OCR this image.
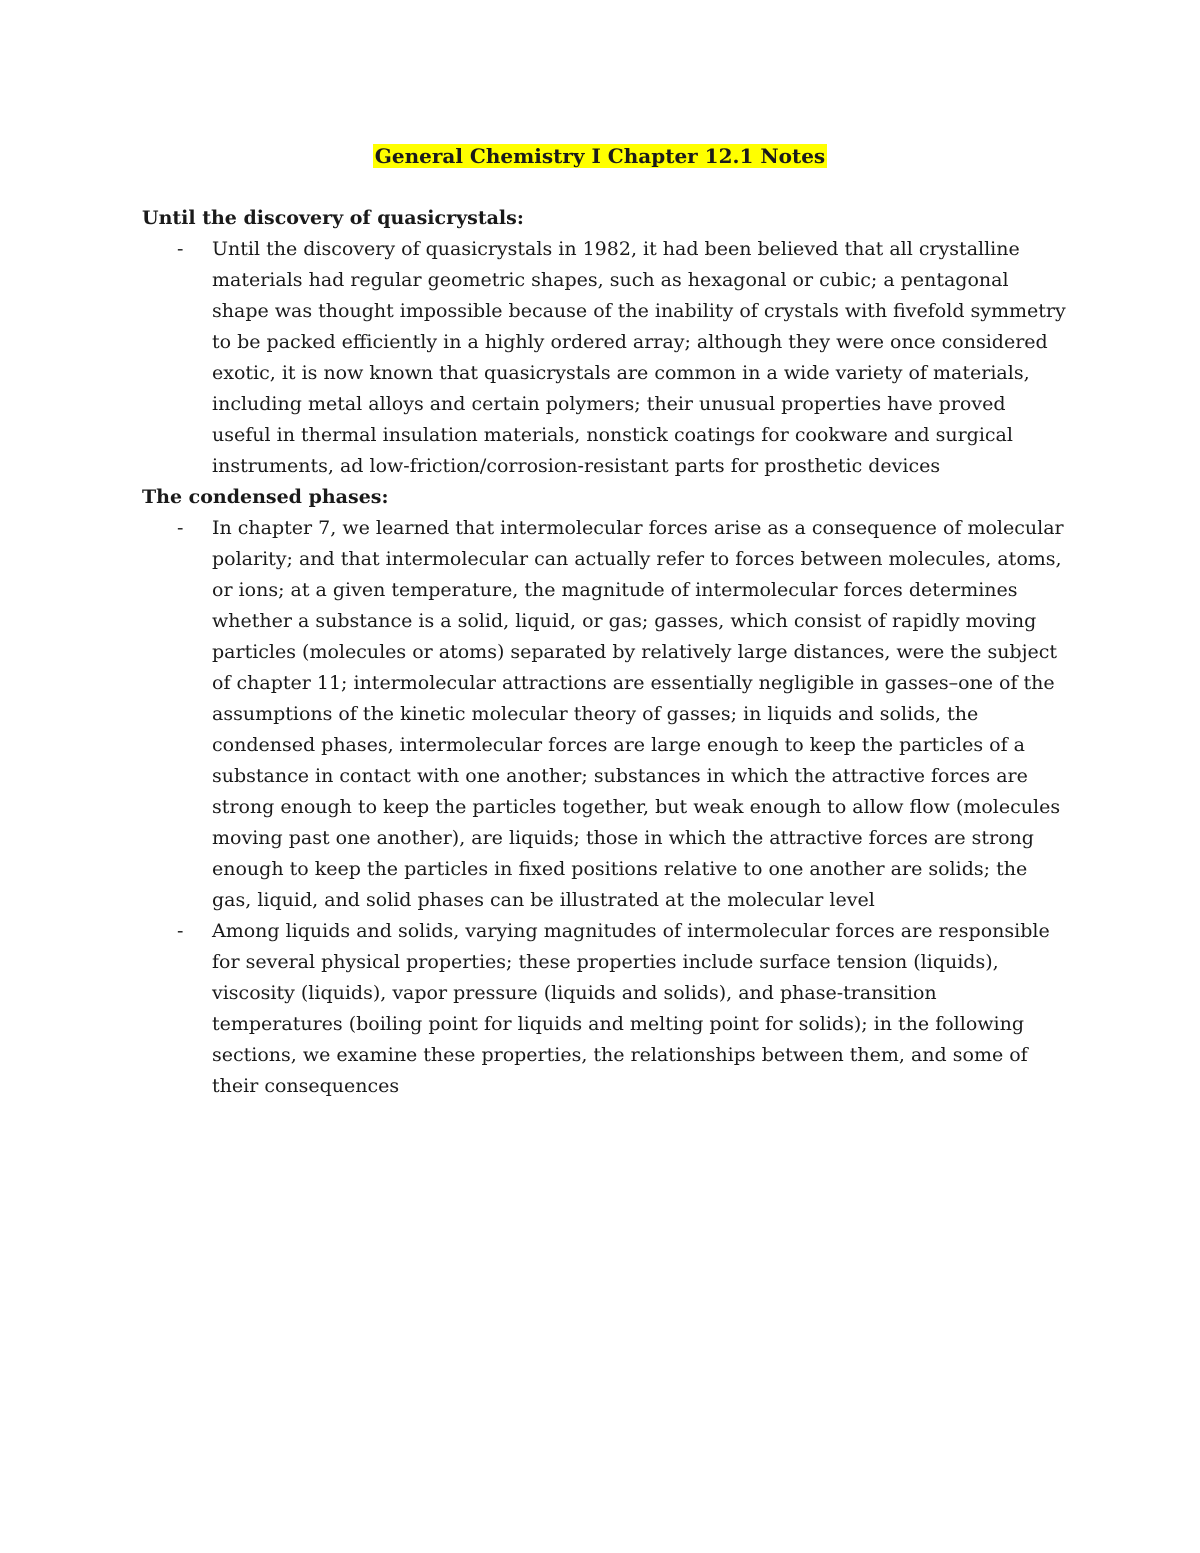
General Chemistry I Chapter 12.1 Notes

Until the discovery of quasicrystals:

- Until the discovery of quasicrystals in 1982, it had been believed that all crystalline materials had regular geometric shapes, such as hexagonal or cubic; a pentagonal shape was thought impossible because of the inability of crystals with fivefold symmetry to be packed efficiently in a highly ordered array; although they were once considered exotic, it is now known that quasicrystals are common in a wide variety of materials, including metal alloys and certain polymers; their unusual properties have proved useful in thermal insulation materials, nonstick coatings for cookware and surgical instruments, ad low-friction/corrosion-resistant parts for prosthetic devices

The condensed phases:

- In chapter 7, we learned that intermolecular forces arise as a consequence of molecular polarity; and that intermolecular can actually refer to forces between molecules, atoms, or ions; at a given temperature, the magnitude of intermolecular forces determines whether a substance is a solid, liquid, or gas; gasses, which consist of rapidly moving particles (molecules or atoms) separated by relatively large distances, were the subject of chapter 11; intermolecular attractions are essentially negligible in gasses–one of the assumptions of the kinetic molecular theory of gasses; in liquids and solids, the condensed phases, intermolecular forces are large enough to keep the particles of a substance in contact with one another; substances in which the attractive forces are strong enough to keep the particles together, but weak enough to allow flow (molecules moving past one another), are liquids; those in which the attractive forces are strong enough to keep the particles in fixed positions relative to one another are solids; the gas, liquid, and solid phases can be illustrated at the molecular level
- Among liquids and solids, varying magnitudes of intermolecular forces are responsible for several physical properties; these properties include surface tension (liquids), viscosity (liquids), vapor pressure (liquids and solids), and phase-transition temperatures (boiling point for liquids and melting point for solids); in the following sections, we examine these properties, the relationships between them, and some of their consequences
